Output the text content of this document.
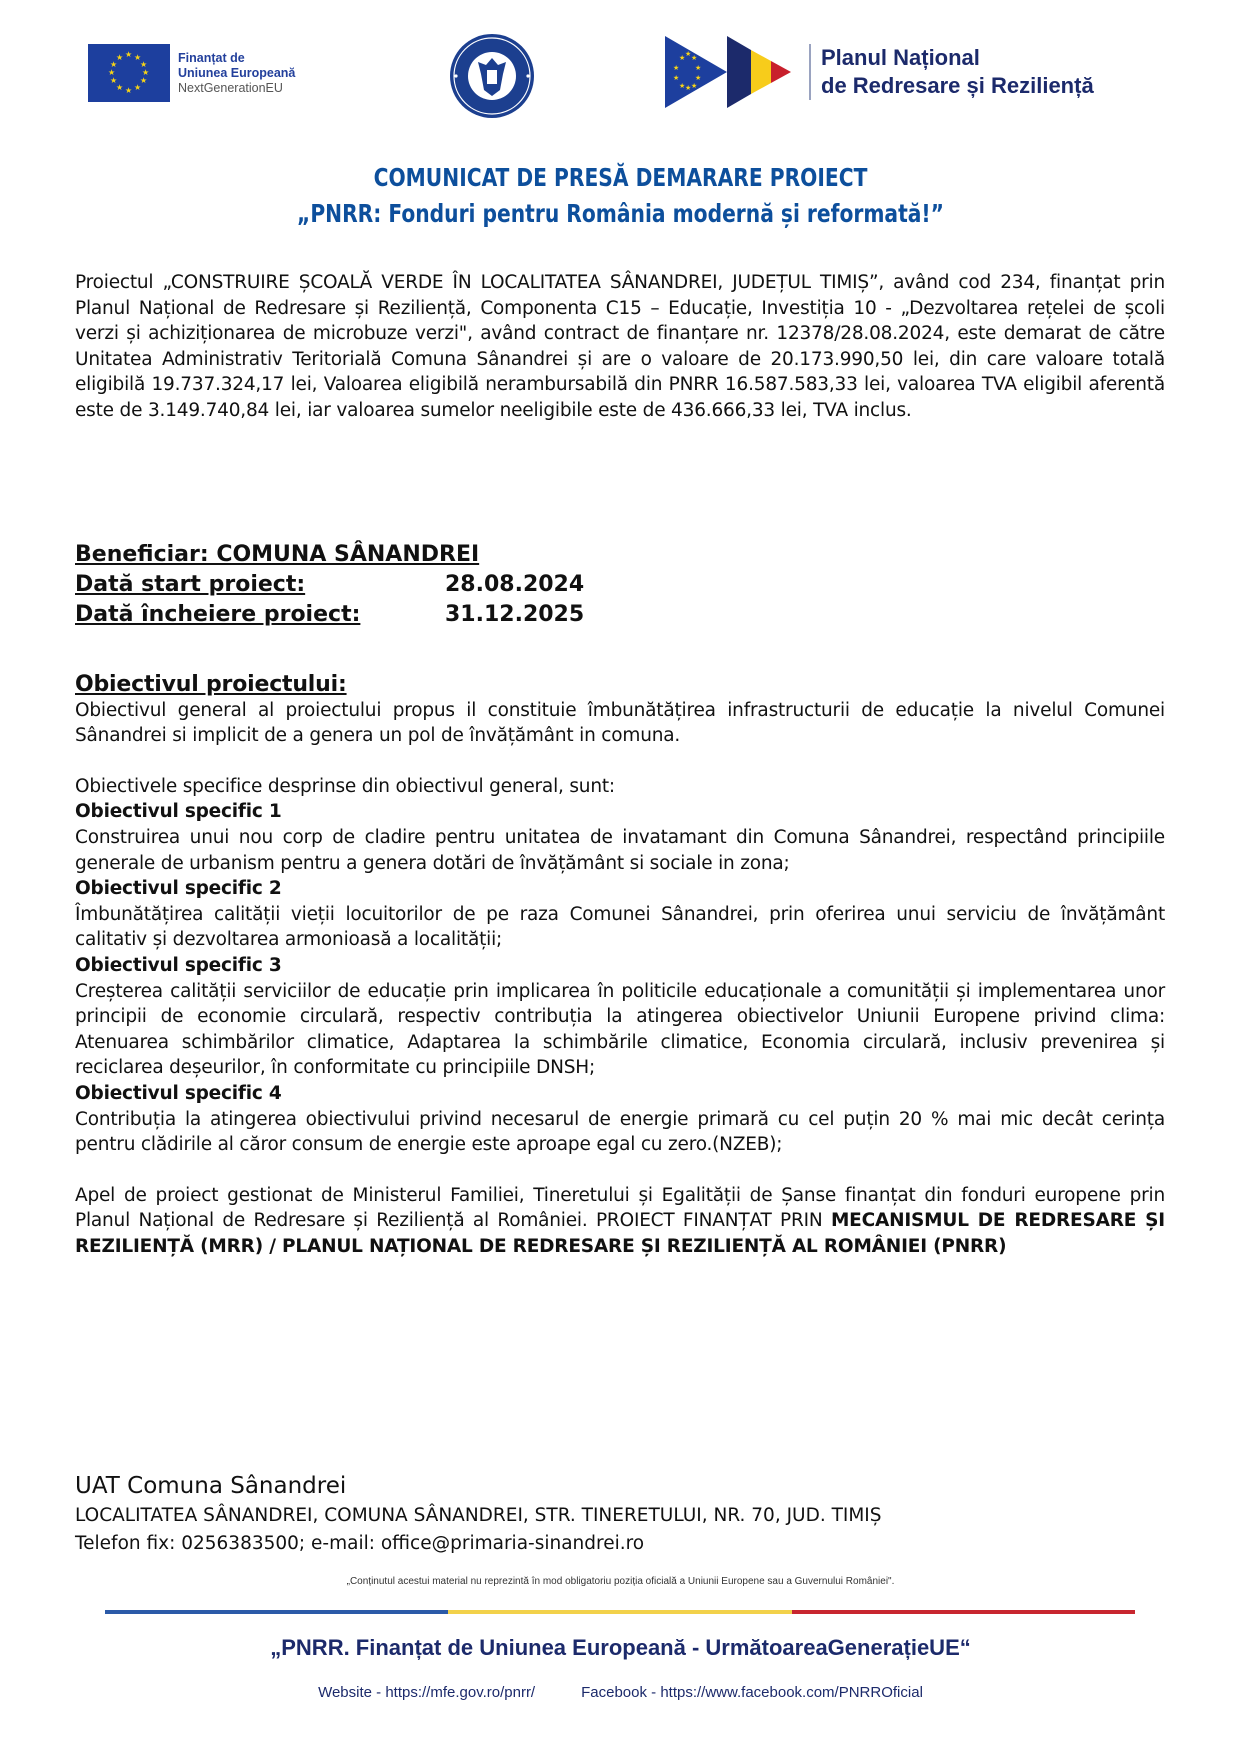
★ ★
★
★
★
★
★
★
★
★
★
★	Finanțat de
Uniunea Europeană
NextGenerationEU
★ ★ ★
★ ★
★ ★
★ ★ ★
Planul Național
de Redresare și Reziliență
COMUNICAT DE PRESĂ DEMARARE PROIECT
„PNRR: Fonduri pentru România modernă și reformată!”
Proiectul „CONSTRUIRE ȘCOALĂ VERDE ÎN LOCALITATEA SÂNANDREI, JUDEȚUL TIMIȘ”, având cod 234, finanțat prin Planul Național de Redresare și Reziliență, Componenta C15 – Educație, Investiția 10 - „Dezvoltarea rețelei de școli verzi și achiziționarea de microbuze verzi", având contract de finanțare nr. 12378/28.08.2024, este demarat de către Unitatea Administrativ Teritorială Comuna Sânandrei și are o valoare de 20.173.990,50 lei, din care valoare totală eligibilă 19.737.324,17 lei, Valoarea eligibilă nerambursabilă din PNRR 16.587.583,33 lei, valoarea TVA eligibil aferentă este de 3.149.740,84 lei, iar valoarea sumelor neeligibile este de 436.666,33 lei, TVA inclus.
Beneficiar: COMUNA SÂNANDREI
Dată start proiect:	28.08.2024
Dată încheiere proiect:	31.12.2025
Obiectivul proiectului:
Obiectivul general al proiectului propus il constituie îmbunătățirea infrastructurii de educație la nivelul Comunei Sânandrei si implicit de a genera un pol de învățământ in comuna.
Obiectivele specifice desprinse din obiectivul general, sunt:
Obiectivul specific 1
Construirea unui nou corp de cladire pentru unitatea de invatamant din Comuna Sânandrei, respectând principiile generale de urbanism pentru a genera dotări de învățământ si sociale in zona;
Obiectivul specific 2
Îmbunătățirea calității vieții locuitorilor de pe raza Comunei Sânandrei, prin oferirea unui serviciu de învățământ calitativ și dezvoltarea armonioasă a localității;
Obiectivul specific 3
Creșterea calității serviciilor de educație prin implicarea în politicile educaționale a comunității și implementarea unor principii de economie circulară, respectiv contribuția la atingerea obiectivelor Uniunii Europene privind clima: Atenuarea schimbărilor climatice, Adaptarea la schimbările climatice, Economia circulară, inclusiv prevenirea și reciclarea deșeurilor, în conformitate cu principiile DNSH;
Obiectivul specific 4
Contribuția la atingerea obiectivului privind necesarul de energie primară cu cel puțin 20 % mai mic decât cerința pentru clădirile al căror consum de energie este aproape egal cu zero.(NZEB);
Apel de proiect gestionat de Ministerul Familiei, Tineretului și Egalității de Șanse finanțat din fonduri europene prin Planul Național de Redresare și Reziliență al României. PROIECT FINANȚAT PRIN MECANISMUL DE REDRESARE ȘI REZILIENȚĂ (MRR) / PLANUL NAȚIONAL DE REDRESARE ȘI REZILIENȚĂ AL ROMÂNIEI (PNRR)
UAT Comuna Sânandrei
LOCALITATEA SÂNANDREI, COMUNA SÂNANDREI, STR. TINERETULUI, NR. 70, JUD. TIMIȘ
Telefon fix: 0256383500; e-mail: office@primaria-sinandrei.ro
„Conținutul acestui material nu reprezintă în mod obligatoriu poziția oficială a Uniunii Europene sau a Guvernului României".
„PNRR. Finanțat de Uniunea Europeană - UrmătoareaGenerațieUE“
Website - https://mfe.gov.ro/pnrr/	Facebook - https://www.facebook.com/PNRROficial
